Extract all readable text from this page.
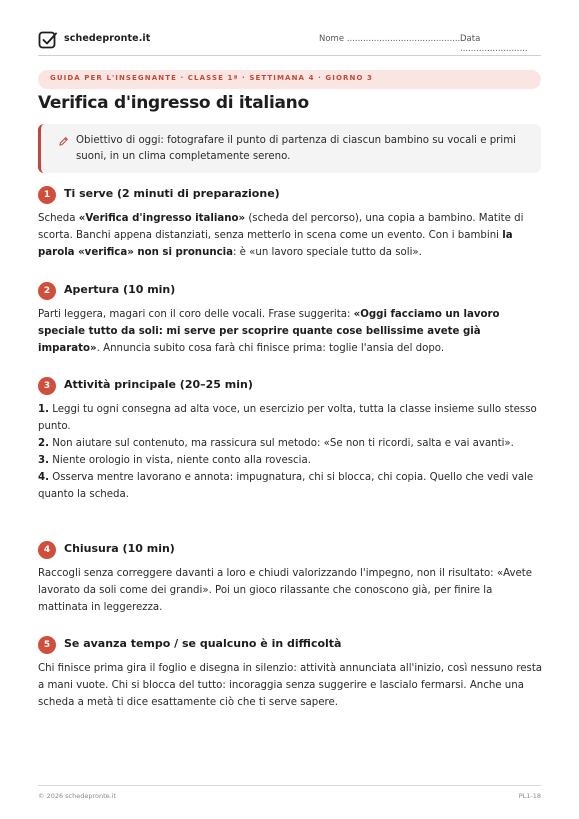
schedepronte.it	Nome .......................................... Data .........................
GUIDA PER L'INSEGNANTE · CLASSE 1ª · SETTIMANA 4 · GIORNO 3
Verifica d'ingresso di italiano
Obiettivo di oggi: fotografare il punto di partenza di ciascun bambino su vocali e primi suoni, in un clima completamente sereno.
1	Ti serve (2 minuti di preparazione)
Scheda «Verifica d'ingresso italiano» (scheda del percorso), una copia a bambino. Matite di scorta. Banchi appena distanziati, senza metterlo in scena come un evento. Con i bambini la parola «verifica» non si pronuncia: è «un lavoro speciale tutto da soli».
2	Apertura (10 min)
Parti leggera, magari con il coro delle vocali. Frase suggerita: «Oggi facciamo un lavoro speciale tutto da soli: mi serve per scoprire quante cose bellissime avete già imparato». Annuncia subito cosa farà chi finisce prima: toglie l'ansia del dopo.
3	Attività principale (20–25 min)
1. Leggi tu ogni consegna ad alta voce, un esercizio per volta, tutta la classe insieme sullo stesso punto.
2. Non aiutare sul contenuto, ma rassicura sul metodo: «Se non ti ricordi, salta e vai avanti».
3. Niente orologio in vista, niente conto alla rovescia.
4. Osserva mentre lavorano e annota: impugnatura, chi si blocca, chi copia. Quello che vedi vale quanto la scheda.
4	Chiusura (10 min)
Raccogli senza correggere davanti a loro e chiudi valorizzando l'impegno, non il risultato: «Avete lavorato da soli come dei grandi». Poi un gioco rilassante che conoscono già, per finire la mattinata in leggerezza.
5	Se avanza tempo / se qualcuno è in difficoltà
Chi finisce prima gira il foglio e disegna in silenzio: attività annunciata all'inizio, così nessuno resta a mani vuote. Chi si blocca del tutto: incoraggia senza suggerire e lascialo fermarsi. Anche una scheda a metà ti dice esattamente ciò che ti serve sapere.
© 2026 schedepronte.it	PL1-18
